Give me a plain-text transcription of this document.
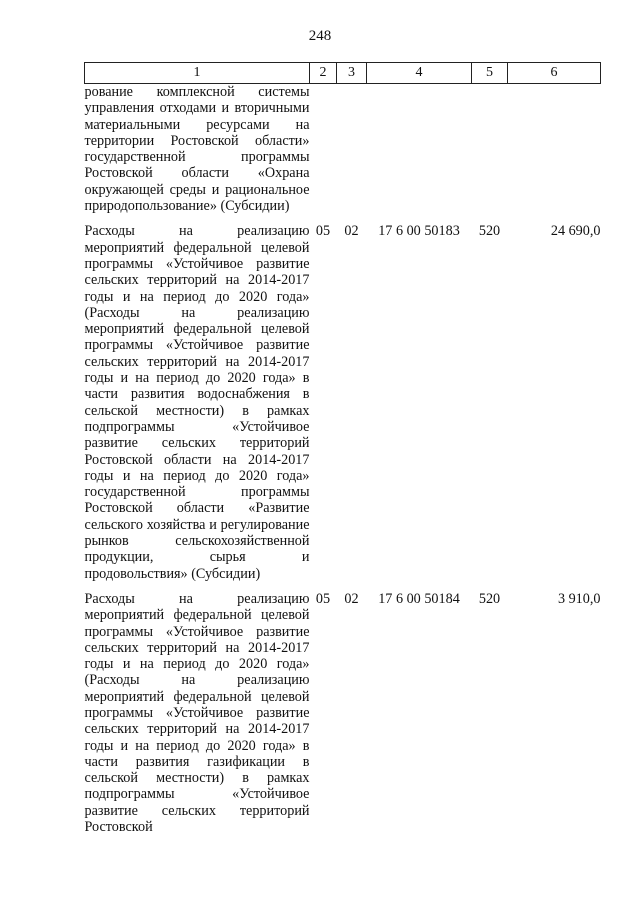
248
1	2	3	4	5	6
рование комплексной системы управления отходами и вторичными материальными ресурсами на территории Ростовской области» государственной программы Ростовской области «Охрана окружающей среды и рациональное природопользование» (Субсидии)					

Расходы на реализацию мероприятий федеральной целевой программы «Устойчивое развитие сельских территорий на 2014-2017 годы и на период до 2020 года» (Расходы на реализацию мероприятий федеральной целевой программы «Устойчивое развитие сельских территорий на 2014-2017 годы и на период до 2020 года» в части развития водоснабжения в сельской местности) в рамках подпрограммы «Устойчивое развитие сельских территорий Ростовской области на 2014-2017 годы и на период до 2020 года» государственной программы Ростовской области «Развитие сельского хозяйства и регулирование рынков сельскохозяйственной продукции, сырья и продовольствия» (Субсидии)	05	02	17 6 00 50183	520	24 690,0

Расходы на реализацию мероприятий федеральной целевой программы «Устойчивое развитие сельских территорий на 2014-2017 годы и на период до 2020 года» (Расходы на реализацию мероприятий федеральной целевой программы «Устойчивое развитие сельских территорий на 2014-2017 годы и на период до 2020 года» в части развития газификации в сельской местности) в рамках подпрограммы «Устойчивое развитие сельских территорий Ростовской	05	02	17 6 00 50184	520	3 910,0
